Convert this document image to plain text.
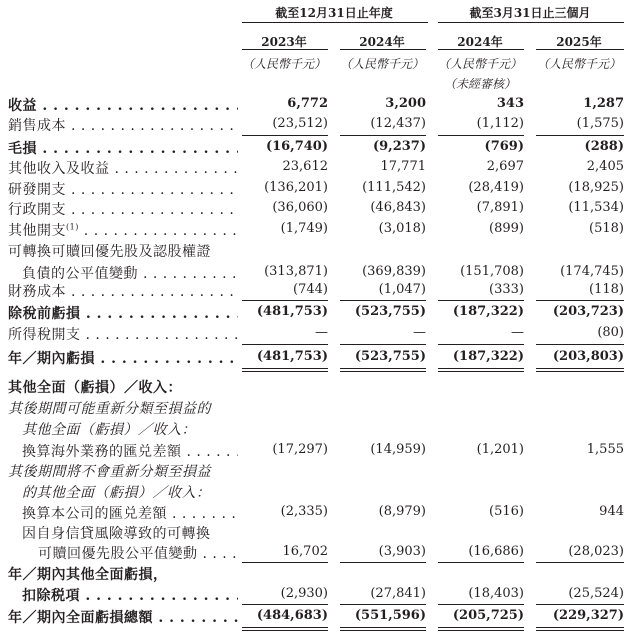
截至12月31日止年度	截至3月31日止三個月
2023年	2024年	2024年	2025年
（人民幣千元）	（人民幣千元）	（人民幣千元）	（人民幣千元）
（未經審核）
收益 . . .	6,772	3,200	343	1,287
銷售成本 . . .	(23,512)	(12,437)	(1,112)	(1,575)
毛損 . . .	(16,740)	(9,237)	(769)	(288)
其他收入及收益 . . .	23,612	17,771	2,697	2,405
研發開支 . . .	(136,201)	(111,542)	(28,419)	(18,925)
行政開支 . . .	(36,060)	(46,843)	(7,891)	(11,534)
其他開支$^{(1)}$ . . .	(1,749)	(3,018)	(899)	(518)
可轉換可贖回優先股及認股權證
負債的公平值變動 . . .	(313,871)	(369,839)	(151,708)	(174,745)
財務成本 . . .	(744)	(1,047)	(333)	(118)
除稅前虧損 . . .	(481,753)	(523,755)	(187,322)	(203,723)
所得稅開支 . . .	—	—	—	(80)
年／期內虧損 . . .	(481,753)	(523,755)	(187,322)	(203,803)
其他全面（虧損）／收入：
其後期間可能重新分類至損益的
其他全面（虧損）／收入：
換算海外業務的匯兑差額 . . .	(17,297)	(14,959)	(1,201)	1,555
其後期間將不會重新分類至損益
的其他全面（虧損）／收入：
換算本公司的匯兑差額 . . .	(2,335)	(8,979)	(516)	944
因自身信貸風險導致的可轉換
可贖回優先股公平值變動 . . .	16,702	(3,903)	(16,686)	(28,023)
年／期內其他全面虧損，
扣除税項 . . .	(2,930)	(27,841)	(18,403)	(25,524)
年／期內全面虧損總額 . . .	(484,683)	(551,596)	(205,725)	(229,327)
